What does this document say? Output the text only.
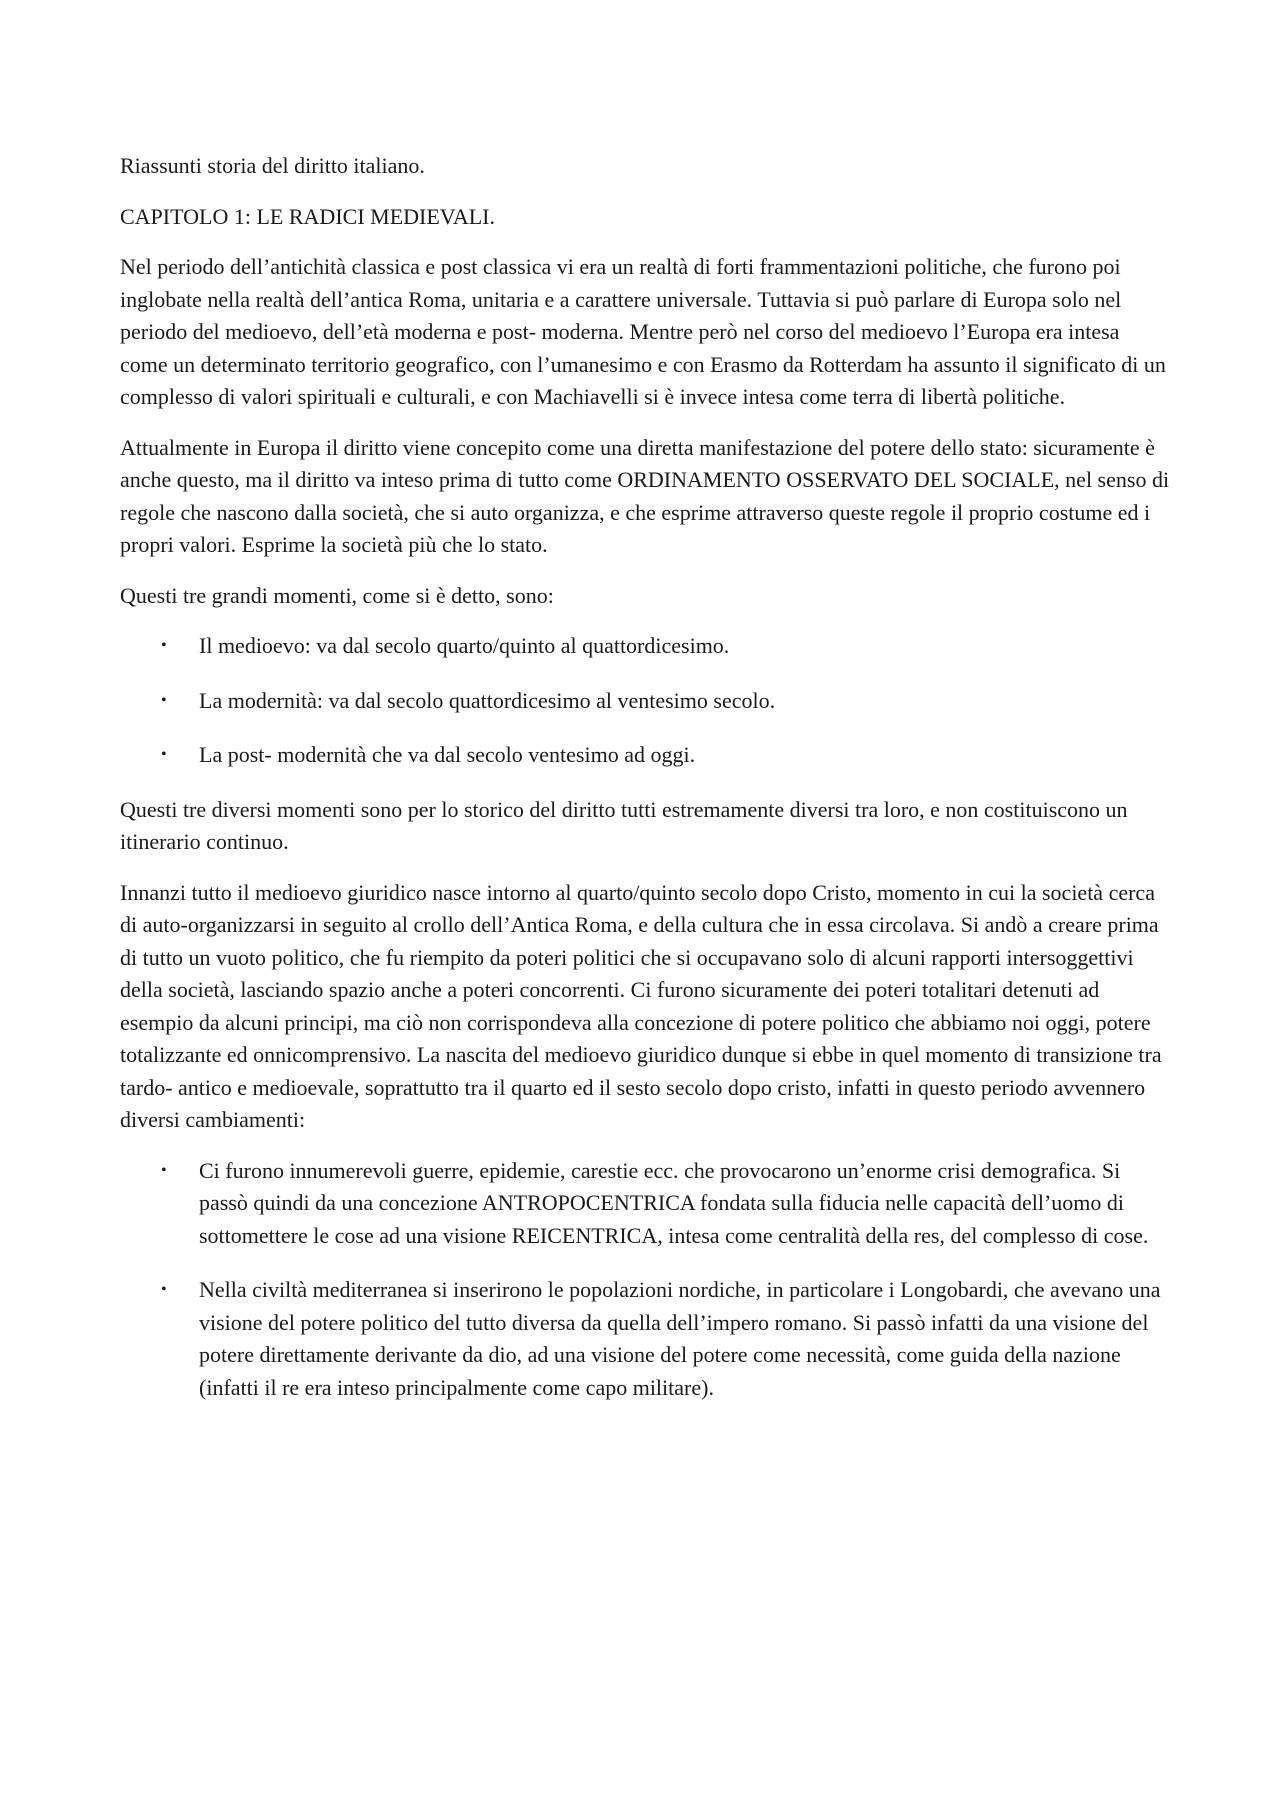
Riassunti storia del diritto italiano.

CAPITOLO 1: LE RADICI MEDIEVALI.

Nel periodo dell’antichità classica e post classica vi era un realtà di forti frammentazioni politiche, che furono poi inglobate nella realtà dell’antica Roma, unitaria e a carattere universale. Tuttavia si può parlare di Europa solo nel periodo del medioevo, dell’età moderna e post- moderna. Mentre però nel corso del medioevo l’Europa era intesa come un determinato territorio geografico, con l’umanesimo e con Erasmo da Rotterdam ha assunto il significato di un complesso di valori spirituali e culturali, e con Machiavelli si è invece intesa come terra di libertà politiche.

Attualmente in Europa il diritto viene concepito come una diretta manifestazione del potere dello stato: sicuramente è anche questo, ma il diritto va inteso prima di tutto come ORDINAMENTO OSSERVATO DEL SOCIALE, nel senso di regole che nascono dalla società, che si auto organizza, e che esprime attraverso queste regole il proprio costume ed i propri valori. Esprime la società più che lo stato.

Questi tre grandi momenti, come si è detto, sono:

• Il medioevo: va dal secolo quarto/quinto al quattordicesimo.
• La modernità: va dal secolo quattordicesimo al ventesimo secolo.
• La post- modernità che va dal secolo ventesimo ad oggi.

Questi tre diversi momenti sono per lo storico del diritto tutti estremamente diversi tra loro, e non costituiscono un itinerario continuo.

Innanzi tutto il medioevo giuridico nasce intorno al quarto/quinto secolo dopo Cristo, momento in cui la società cerca di auto-organizzarsi in seguito al crollo dell’Antica Roma, e della cultura che in essa circolava. Si andò a creare prima di tutto un vuoto politico, che fu riempito da poteri politici che si occupavano solo di alcuni rapporti intersoggettivi della società, lasciando spazio anche a poteri concorrenti. Ci furono sicuramente dei poteri totalitari detenuti ad esempio da alcuni principi, ma ciò non corrispondeva alla concezione di potere politico che abbiamo noi oggi, potere totalizzante ed onnicomprensivo. La nascita del medioevo giuridico dunque si ebbe in quel momento di transizione tra tardo- antico e medioevale, soprattutto tra il quarto ed il sesto secolo dopo cristo, infatti in questo periodo avvennero diversi cambiamenti:

• Ci furono innumerevoli guerre, epidemie, carestie ecc. che provocarono un’enorme crisi demografica. Si passò quindi da una concezione ANTROPOCENTRICA fondata sulla fiducia nelle capacità dell’uomo di sottomettere le cose ad una visione REICENTRICA, intesa come centralità della res, del complesso di cose.
• Nella civiltà mediterranea si inserirono le popolazioni nordiche, in particolare i Longobardi, che avevano una visione del potere politico del tutto diversa da quella dell’impero romano. Si passò infatti da una visione del potere direttamente derivante da dio, ad una visione del potere come necessità, come guida della nazione (infatti il re era inteso principalmente come capo militare).
